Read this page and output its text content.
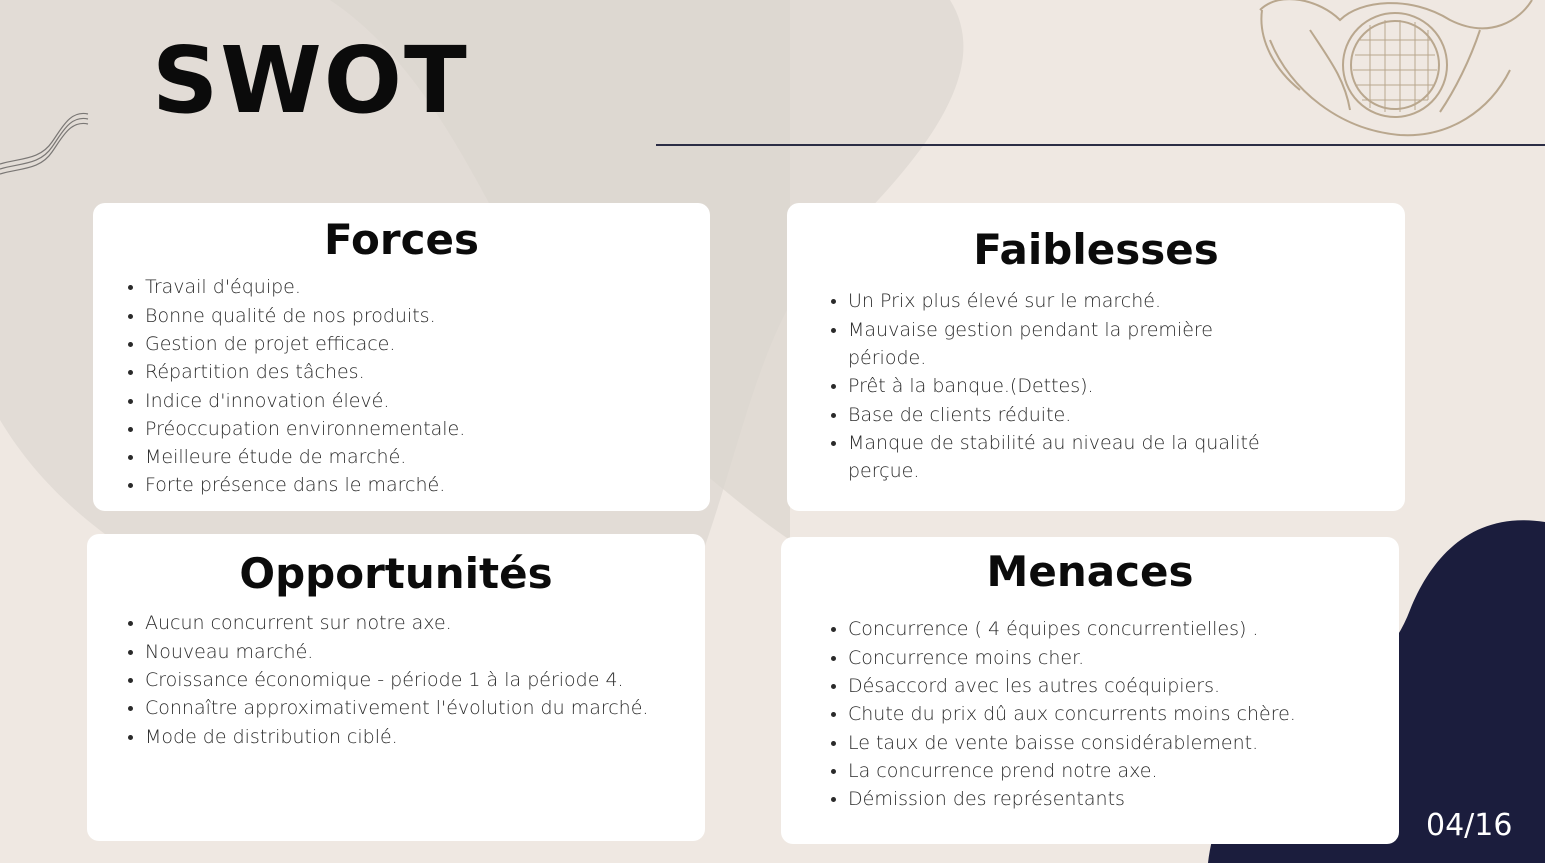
SWOT
Forces
• Travail d'équipe.
• Bonne qualité de nos produits.
• Gestion de projet efficace.
• Répartition des tâches.
• Indice d'innovation élevé.
• Préoccupation environnementale.
• Meilleure étude de marché.
• Forte présence dans le marché.
Faiblesses
• Un Prix plus élevé sur le marché.
• Mauvaise gestion pendant la première période.
• Prêt à la banque.(Dettes).
• Base de clients réduite.
• Manque de stabilité au niveau de la qualité perçue.
Opportunités
• Aucun concurrent sur notre axe.
• Nouveau marché.
• Croissance économique - période 1 à la période 4.
• Connaître approximativement l'évolution du marché.
• Mode de distribution ciblé.
Menaces
• Concurrence ( 4 équipes concurrentielles) .
• Concurrence moins cher.
• Désaccord avec les autres coéquipiers.
• Chute du prix dû aux concurrents moins chère.
• Le taux de vente baisse considérablement.
• La concurrence prend notre axe.
• Démission des représentants
04/16
